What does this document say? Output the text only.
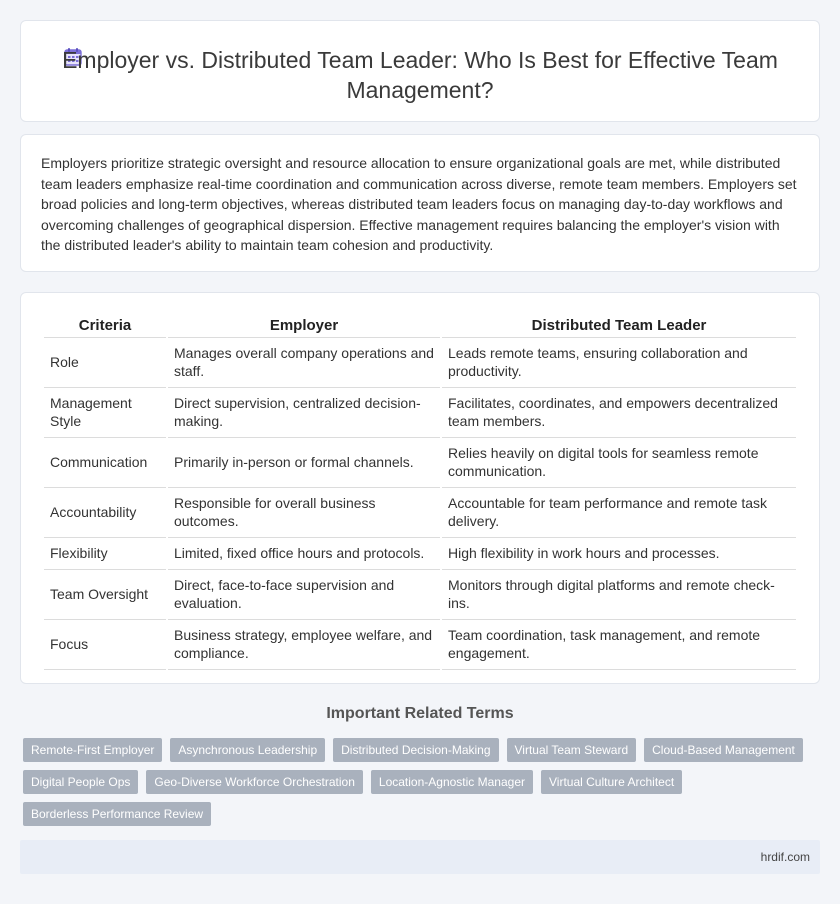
Employer vs. Distributed Team Leader: Who Is Best for Effective Team Management?

Employers prioritize strategic oversight and resource allocation to ensure organizational goals are met, while distributed team leaders emphasize real-time coordination and communication across diverse, remote team members. Employers set broad policies and long-term objectives, whereas distributed team leaders focus on managing day-to-day workflows and overcoming challenges of geographical dispersion. Effective management requires balancing the employer's vision with the distributed leader's ability to maintain team cohesion and productivity.

Criteria	Employer	Distributed Team Leader
Role	Manages overall company operations and staff.	Leads remote teams, ensuring collaboration and productivity.
Management Style	Direct supervision, centralized decision-making.	Facilitates, coordinates, and empowers decentralized team members.
Communication	Primarily in-person or formal channels.	Relies heavily on digital tools for seamless remote communication.
Accountability	Responsible for overall business outcomes.	Accountable for team performance and remote task delivery.
Flexibility	Limited, fixed office hours and protocols.	High flexibility in work hours and processes.
Team Oversight	Direct, face-to-face supervision and evaluation.	Monitors through digital platforms and remote check-ins.
Focus	Business strategy, employee welfare, and compliance.	Team coordination, task management, and remote engagement.
Important Related Terms
Remote-First Employer	Asynchronous Leadership	Distributed Decision-Making	Virtual Team Steward	Cloud-Based Management
Digital People Ops	Geo-Diverse Workforce Orchestration	Location-Agnostic Manager	Virtual Culture Architect
Borderless Performance Review
hrdif.com
